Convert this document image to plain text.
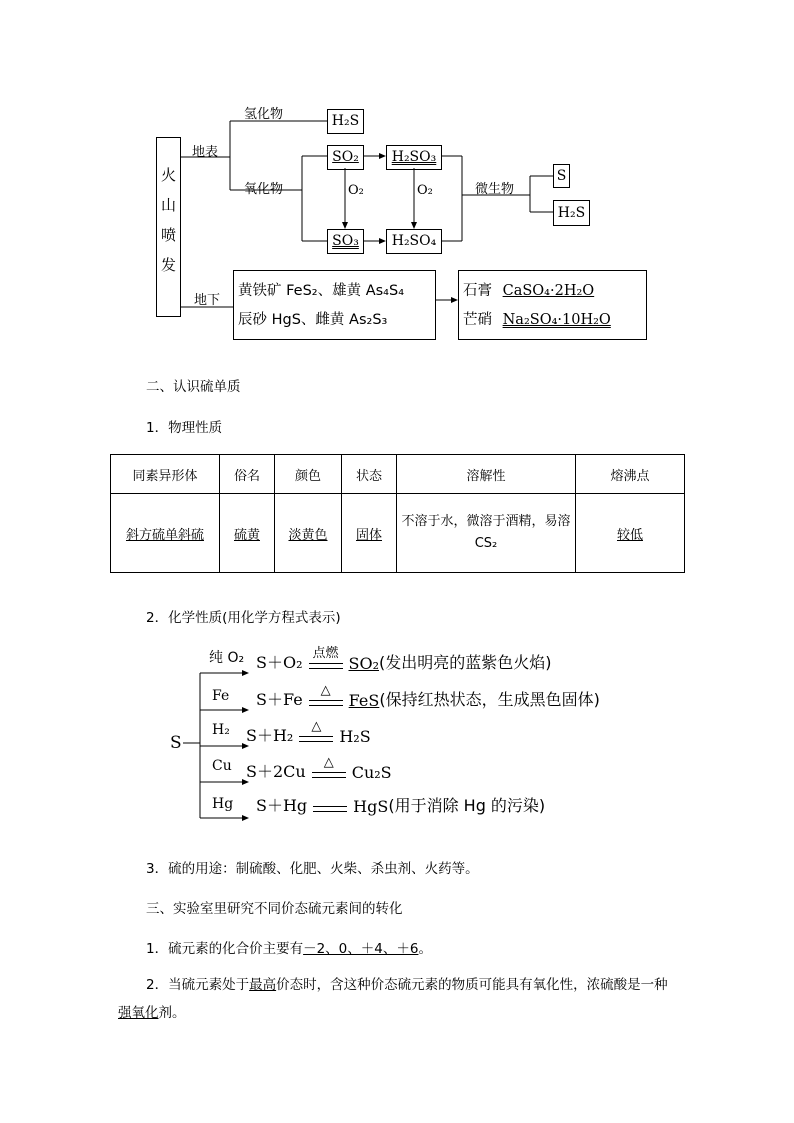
火山喷发
地表
地下
氢化物
氧化物	微生物
H₂S
SO₂	H₂SO₃
SO₃	H₂SO₄
O₂	O₂
S
H₂S
黄铁矿 FeS₂、雄黄 As₄S₄
辰砂 HgS、雌黄 As₂S₃
石膏 CaSO₄·2H₂O
芒硝 Na₂SO₄·10H₂O
二、认识硫单质
1．物理性质
同素异形体	俗名	颜色	状态	溶解性	熔沸点
斜方硫单斜硫	硫黄	淡黄色	固体	不溶于水，微溶于酒精，易溶CS₂	较低
2．化学性质(用化学方程式表示)
S
纯 O₂
Fe
H₂
Cu
Hg
S＋O₂ 点燃
SO₂ (发出明亮的蓝紫色火焰)
S＋Fe	△
FeS (保持红热状态，生成黑色固体)
S＋H₂	△
H₂S
S＋2Cu	△
Cu₂S
S＋Hg	HgS (用于消除 Hg 的污染)
3．硫的用途：制硫酸、化肥、火柴、杀虫剂、火药等。
三、实验室里研究不同价态硫元素间的转化
1．硫元素的化合价主要有－2、0、＋4、＋6。
2．当硫元素处于最高价态时，含这种价态硫元素的物质可能具有氧化性，浓硫酸是一种强氧化剂。
